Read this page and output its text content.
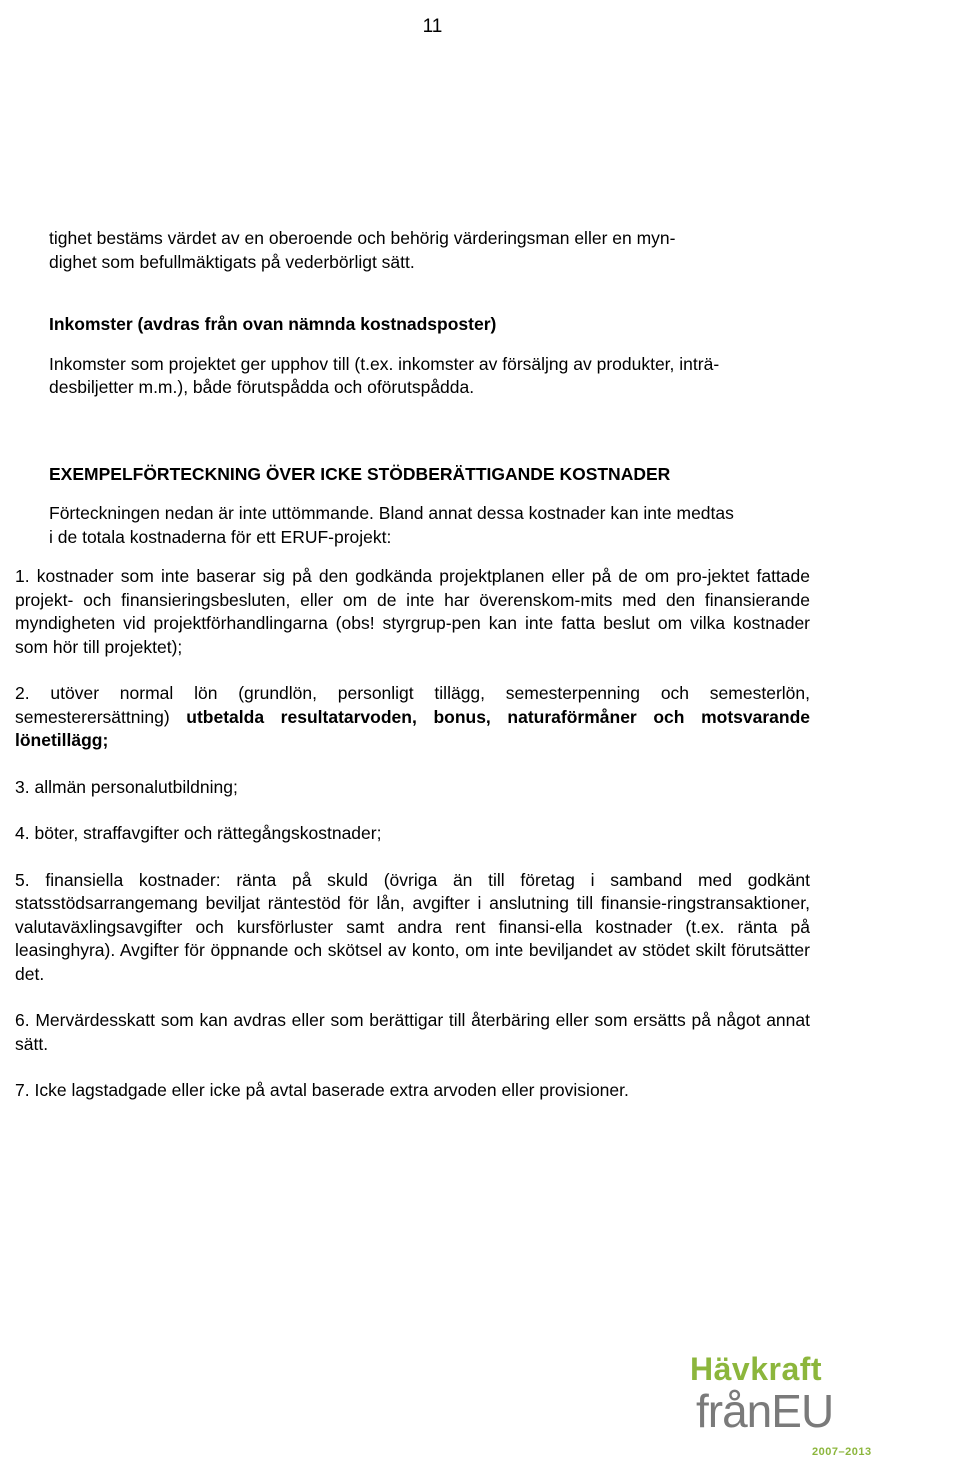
11

tighet bestäms värdet av en oberoende och behörig värderingsman eller en myn-
dighet som befullmäktigats på vederbörligt sätt.

Inkomster (avdras från ovan nämnda kostnadsposter)

Inkomster som projektet ger upphov till (t.ex. inkomster av försäljng av produkter, inträ-
desbiljetter m.m.), både förutspådda och oförutspådda.

EXEMPELFÖRTECKNING ÖVER ICKE STÖDBERÄTTIGANDE KOSTNADER

Förteckningen nedan är inte uttömmande. Bland annat dessa kostnader kan inte medtas
i de totala kostnaderna för ett ERUF-projekt:

1. kostnader som inte baserar sig på den godkända projektplanen eller på de om pro-jektet fattade projekt- och finansieringsbesluten, eller om de inte har överenskom-mits med den finansierande myndigheten vid projektförhandlingarna (obs! styrgrup-pen kan inte fatta beslut om vilka kostnader som hör till projektet);
2. utöver normal lön (grundlön, personligt tillägg, semesterpenning och semesterlön, semesterersättning) utbetalda resultatarvoden, bonus, naturaförmåner och motsvarande lönetillägg;
3. allmän personalutbildning;
4. böter, straffavgifter och rättegångskostnader;
5. finansiella kostnader: ränta på skuld (övriga än till företag i samband med godkänt statsstödsarrangemang beviljat räntestöd för lån, avgifter i anslutning till finansie-ringstransaktioner, valutaväxlingsavgifter och kursförluster samt andra rent finansi-ella kostnader (t.ex. ränta på leasinghyra). Avgifter för öppnande och skötsel av konto, om inte beviljandet av stödet skilt förutsätter det.
6. Mervärdesskatt som kan avdras eller som berättigar till återbäring eller som ersätts på något annat sätt.
7. Icke lagstadgade eller icke på avtal baserade extra arvoden eller provisioner.
Hävkraft
frånEU
2007–2013
